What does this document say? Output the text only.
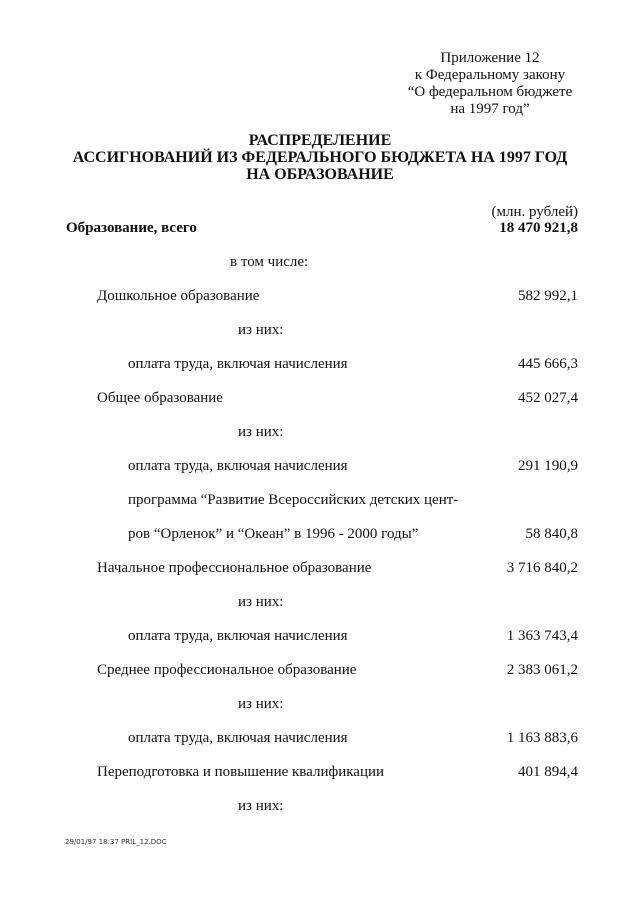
Приложение 12
к Федеральному закону
“О федеральном бюджете
на 1997 год”
РАСПРЕДЕЛЕНИЕ
АССИГНОВАНИЙ ИЗ ФЕДЕРАЛЬНОГО БЮДЖЕТА НА 1997 ГОД
НА ОБРАЗОВАНИЕ
(млн. рублей)
Образование, всего	18 470 921,8
в том числе:
Дошкольное образование	582 992,1
из них:
оплата труда, включая начисления	445 666,3
Общее образование	452 027,4
из них:
оплата труда, включая начисления	291 190,9
программа “Развитие Всероссийских детских цент-
ров “Орленок” и “Океан” в 1996 - 2000 годы”	58 840,8
Начальное профессиональное образование	3 716 840,2
из них:
оплата труда, включая начисления	1 363 743,4
Среднее профессиональное образование	2 383 061,2
из них:
оплата труда, включая начисления	1 163 883,6
Переподготовка и повышение квалификации	401 894,4
из них:
29/01/97 18:37 PRIL_12.DOC
